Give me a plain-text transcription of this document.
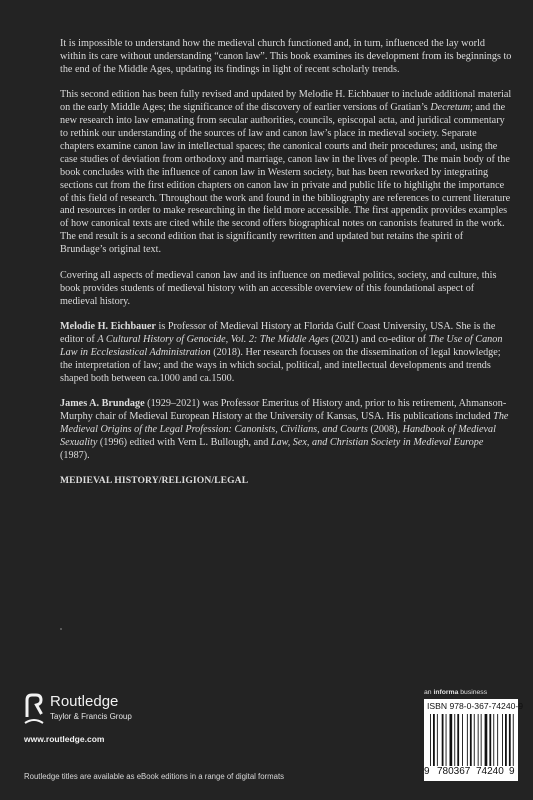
It is impossible to understand how the medieval church functioned and, in turn, influenced the lay world within its care without understanding “canon law”. This book examines its development from its beginnings to the end of the Middle Ages, updating its findings in light of recent scholarly trends.

This second edition has been fully revised and updated by Melodie H. Eichbauer to include additional material on the early Middle Ages; the significance of the discovery of earlier versions of Gratian’s Decretum; and the new research into law emanating from secular authorities, councils, episcopal acta, and juridical commentary to rethink our understanding of the sources of law and canon law’s place in medieval society. Separate chapters examine canon law in intellectual spaces; the canonical courts and their procedures; and, using the case studies of deviation from orthodoxy and marriage, canon law in the lives of people. The main body of the book concludes with the influence of canon law in Western society, but has been reworked by integrating sections cut from the first edition chapters on canon law in private and public life to highlight the importance of this field of research. Throughout the work and found in the bibliography are references to current literature and resources in order to make researching in the field more accessible. The first appendix provides examples of how canonical texts are cited while the second offers biographical notes on canonists featured in the work. The end result is a second edition that is significantly rewritten and updated but retains the spirit of Brundage’s original text.

Covering all aspects of medieval canon law and its influence on medieval politics, society, and culture, this book provides students of medieval history with an accessible overview of this foundational aspect of medieval history.

Melodie H. Eichbauer is Professor of Medieval History at Florida Gulf Coast University, USA. She is the editor of A Cultural History of Genocide, Vol. 2: The Middle Ages (2021) and co-editor of The Use of Canon Law in Ecclesiastical Administration (2018). Her research focuses on the dissemination of legal knowledge; the interpretation of law; and the ways in which social, political, and intellectual developments and trends shaped both between ca.1000 and ca.1500.

James A. Brundage (1929–2021) was Professor Emeritus of History and, prior to his retirement, Ahmanson-Murphy chair of Medieval European History at the University of Kansas, USA. His publications included The Medieval Origins of the Legal Profession: Canonists, Civilians, and Courts (2008), Handbook of Medieval Sexuality (1996) edited with Vern L. Bullough, and Law, Sex, and Christian Society in Medieval Europe (1987).

MEDIEVAL HISTORY/RELIGION/LEGAL

Routledge
Taylor & Francis Group
www.routledge.com
Routledge titles are available as eBook editions in a range of digital formats
an informa business
ISBN 978-0-367-74240-9
9 780367 74240 9
